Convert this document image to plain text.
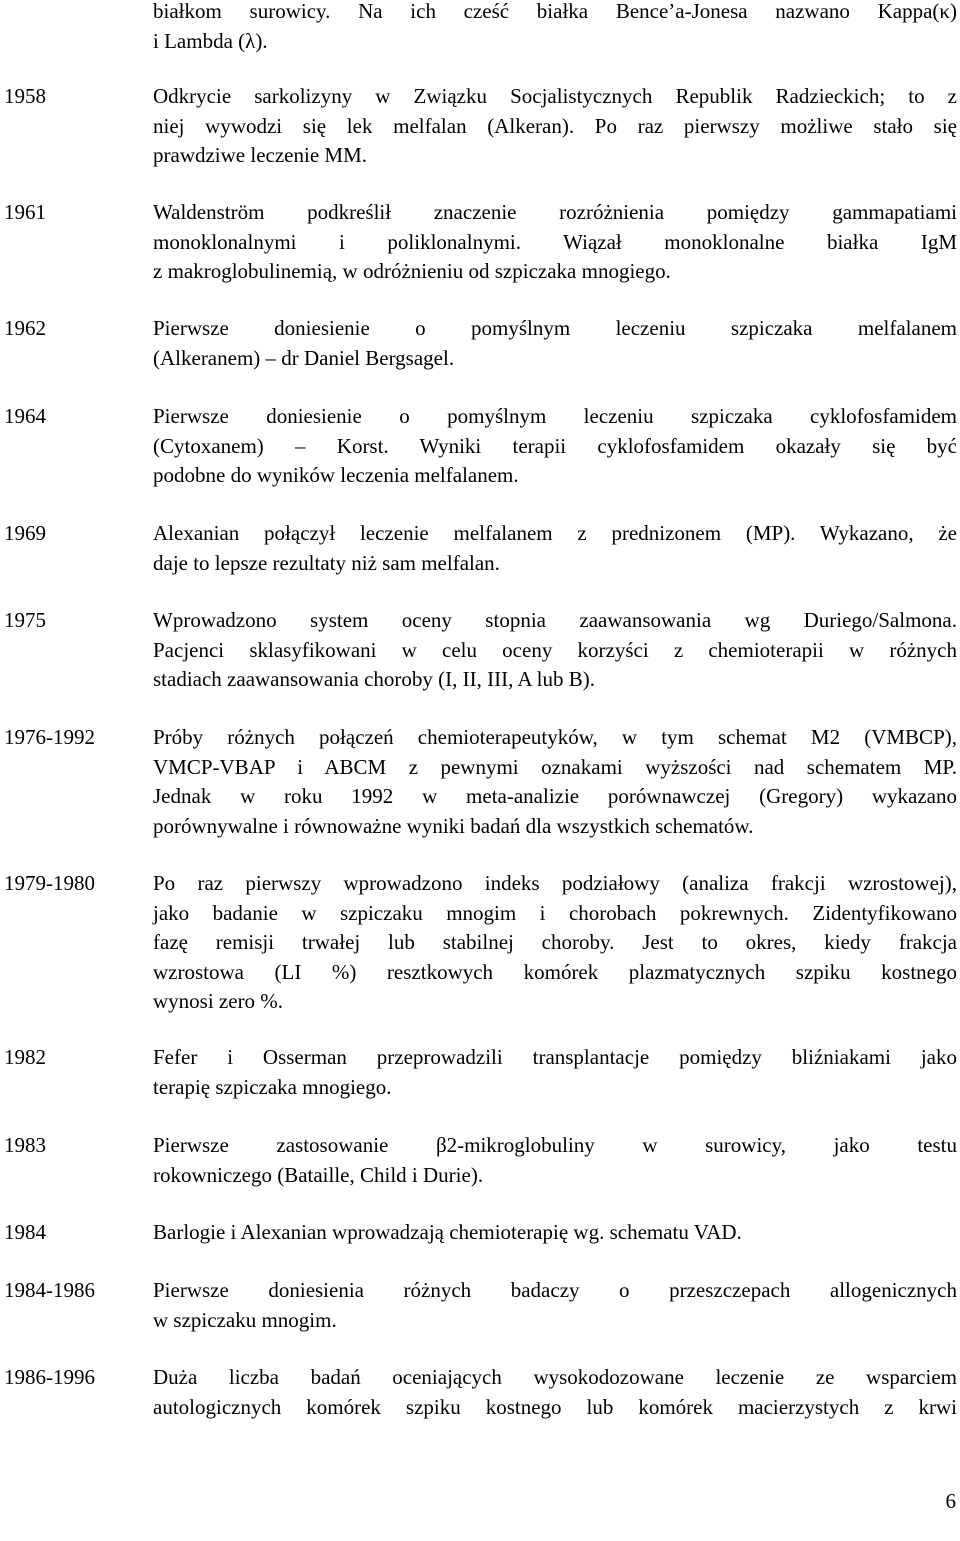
białkom surowicy. Na ich cześć białka Bence’a-Jonesa nazwano Kappa(κ)
i Lambda (λ).
1958	Odkrycie sarkolizyny w Związku Socjalistycznych Republik Radzieckich; to z
niej wywodzi się lek melfalan (Alkeran). Po raz pierwszy możliwe stało się
prawdziwe leczenie MM.
1961	Waldenström podkreślił znaczenie rozróżnienia pomiędzy gammapatiami
monoklonalnymi i poliklonalnymi. Wiązał monoklonalne białka IgM
z makroglobulinemią, w odróżnieniu od szpiczaka mnogiego.
1962	Pierwsze doniesienie o pomyślnym leczeniu szpiczaka melfalanem
(Alkeranem) – dr Daniel Bergsagel.
1964	Pierwsze doniesienie o pomyślnym leczeniu szpiczaka cyklofosfamidem
(Cytoxanem) – Korst. Wyniki terapii cyklofosfamidem okazały się być
podobne do wyników leczenia melfalanem.
1969	Alexanian połączył leczenie melfalanem z prednizonem (MP). Wykazano, że
daje to lepsze rezultaty niż sam melfalan.
1975	Wprowadzono system oceny stopnia zaawansowania wg Duriego/Salmona.
Pacjenci sklasyfikowani w celu oceny korzyści z chemioterapii w różnych
stadiach zaawansowania choroby (I, II, III, A lub B).
1976-1992	Próby różnych połączeń chemioterapeutyków, w tym schemat M2 (VMBCP),
VMCP-VBAP i ABCM z pewnymi oznakami wyższości nad schematem MP.
Jednak w roku 1992 w meta-analizie porównawczej (Gregory) wykazano
porównywalne i równoważne wyniki badań dla wszystkich schematów.
1979-1980	Po raz pierwszy wprowadzono indeks podziałowy (analiza frakcji wzrostowej),
jako badanie w szpiczaku mnogim i chorobach pokrewnych. Zidentyfikowano
fazę remisji trwałej lub stabilnej choroby. Jest to okres, kiedy frakcja
wzrostowa (LI %) resztkowych komórek plazmatycznych szpiku kostnego
wynosi zero %.
1982	Fefer i Osserman przeprowadzili transplantacje pomiędzy bliźniakami jako
terapię szpiczaka mnogiego.
1983	Pierwsze zastosowanie β2-mikroglobuliny w surowicy, jako testu
rokowniczego (Bataille, Child i Durie).
1984	Barlogie i Alexanian wprowadzają chemioterapię wg. schematu VAD.
1984-1986	Pierwsze doniesienia różnych badaczy o przeszczepach allogenicznych
w szpiczaku mnogim.
1986-1996	Duża liczba badań oceniających wysokodozowane leczenie ze wsparciem
autologicznych komórek szpiku kostnego lub komórek macierzystych z krwi
6
